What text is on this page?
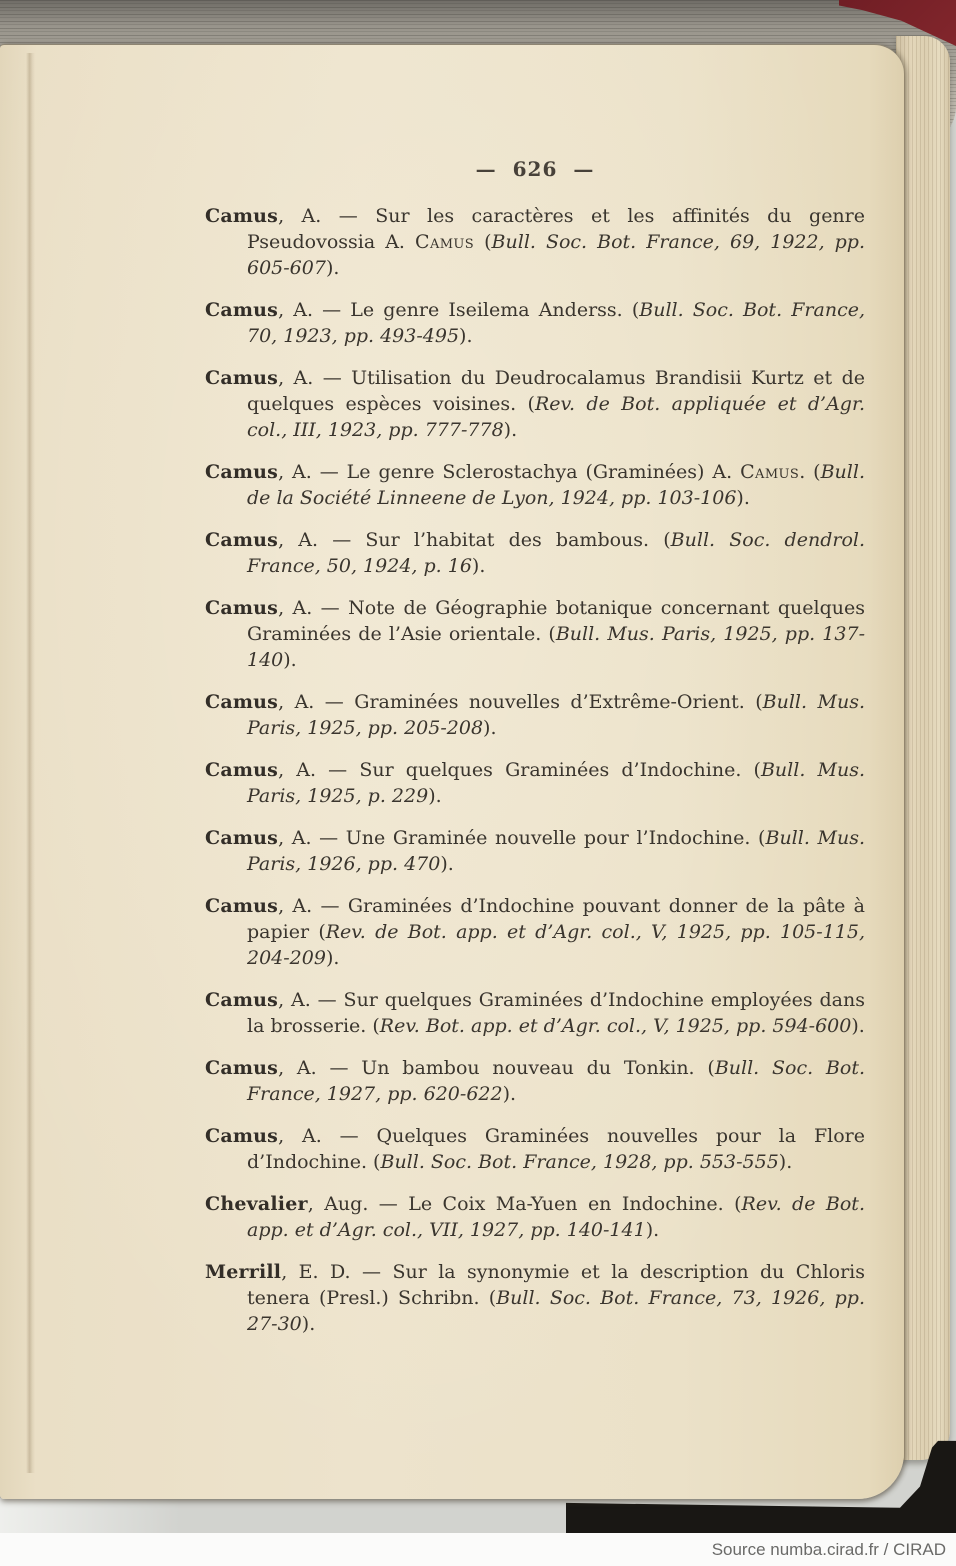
— 626 —

Camus, A. — Sur les caractères et les affinités du genre Pseudovossia A. Camus (Bull. Soc. Bot. France, 69, 1922, pp. 605-607).

Camus, A. — Le genre Iseilema Anderss. (Bull. Soc. Bot. France, 70, 1923, pp. 493-495).

Camus, A. — Utilisation du Deudrocalamus Brandisii Kurtz et de quelques espèces voisines. (Rev. de Bot. appliquée et d’Agr. col., III, 1923, pp. 777-778).

Camus, A. — Le genre Sclerostachya (Graminées) A. Camus. (Bull. de la Société Linneene de Lyon, 1924, pp. 103-106).

Camus, A. — Sur l’habitat des bambous. (Bull. Soc. dendrol. France, 50, 1924, p. 16).

Camus, A. — Note de Géographie botanique concernant quelques Graminées de l’Asie orientale. (Bull. Mus. Paris, 1925, pp. 137-140).

Camus, A. — Graminées nouvelles d’Extrême-Orient. (Bull. Mus. Paris, 1925, pp. 205-208).

Camus, A. — Sur quelques Graminées d’Indochine. (Bull. Mus. Paris, 1925, p. 229).

Camus, A. — Une Graminée nouvelle pour l’Indochine. (Bull. Mus. Paris, 1926, pp. 470).

Camus, A. — Graminées d’Indochine pouvant donner de la pâte à papier (Rev. de Bot. app. et d’Agr. col., V, 1925, pp. 105-115, 204-209).

Camus, A. — Sur quelques Graminées d’Indochine employées dans la brosserie. (Rev. Bot. app. et d’Agr. col., V, 1925, pp. 594-600).

Camus, A. — Un bambou nouveau du Tonkin. (Bull. Soc. Bot. France, 1927, pp. 620-622).

Camus, A. — Quelques Graminées nouvelles pour la Flore d’Indochine. (Bull. Soc. Bot. France, 1928, pp. 553-555).

Chevalier, Aug. — Le Coix Ma-Yuen en Indochine. (Rev. de Bot. app. et d’Agr. col., VII, 1927, pp. 140-141).

Merrill, E. D. — Sur la synonymie et la description du Chloris tenera (Presl.) Schribn. (Bull. Soc. Bot. France, 73, 1926, pp. 27-30).

Source numba.cirad.fr / CIRAD
